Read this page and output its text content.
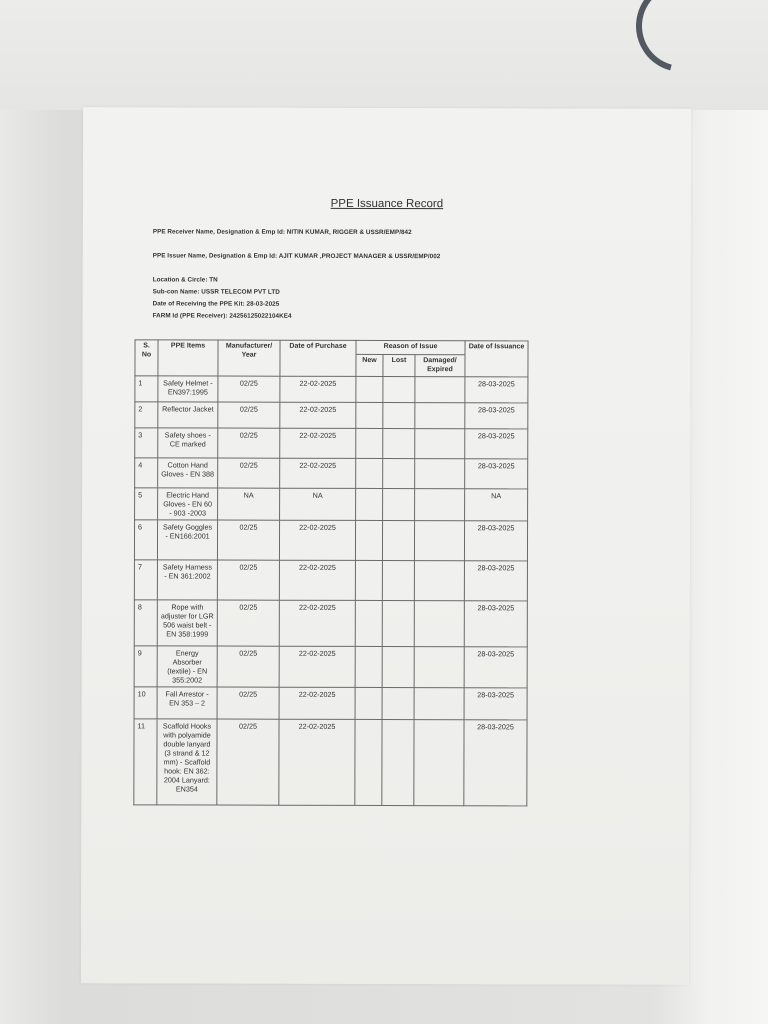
PPE Issuance Record
PPE Receiver Name, Designation & Emp Id: NITIN KUMAR, RIGGER & USSR/EMP/842
PPE Issuer Name, Designation & Emp Id: AJIT KUMAR ,PROJECT MANAGER & USSR/EMP/002
Location & Circle: TN
Sub-con Name: USSR TELECOM PVT LTD
Date of Receiving the PPE Kit: 28-03-2025
FARM Id (PPE Receiver): 24256125022104KE4
S. No	PPE Items	Manufacturer/ Year	Date of Purchase	Reason of Issue			Date of Issuance
				New	Lost	Damaged/ Expired	
1	Safety Helmet - EN397:1995	02/25	22-02-2025				28-03-2025
2	Reflector Jacket	02/25	22-02-2025				28-03-2025
3	Safety shoes - CE marked	02/25	22-02-2025				28-03-2025
4	Cotton Hand Gloves - EN 388	02/25	22-02-2025				28-03-2025
5	Electric Hand Gloves - EN 60 - 903 -2003	NA	NA				NA
6	Safety Goggles - EN166:2001	02/25	22-02-2025				28-03-2025
7	Safety Harness - EN 361:2002	02/25	22-02-2025				28-03-2025
8	Rope with adjuster for LGR 506 waist belt - EN 358:1999	02/25	22-02-2025				28-03-2025
9	Energy Absorber (textile) - EN 355:2002	02/25	22-02-2025				28-03-2025
10	Fall Arrestor - EN 353 – 2	02/25	22-02-2025				28-03-2025
11	Scaffold Hooks with polyamide double lanyard (3 strand & 12 mm) - Scaffold hook: EN 362: 2004 Lanyard: EN354	02/25	22-02-2025				28-03-2025
